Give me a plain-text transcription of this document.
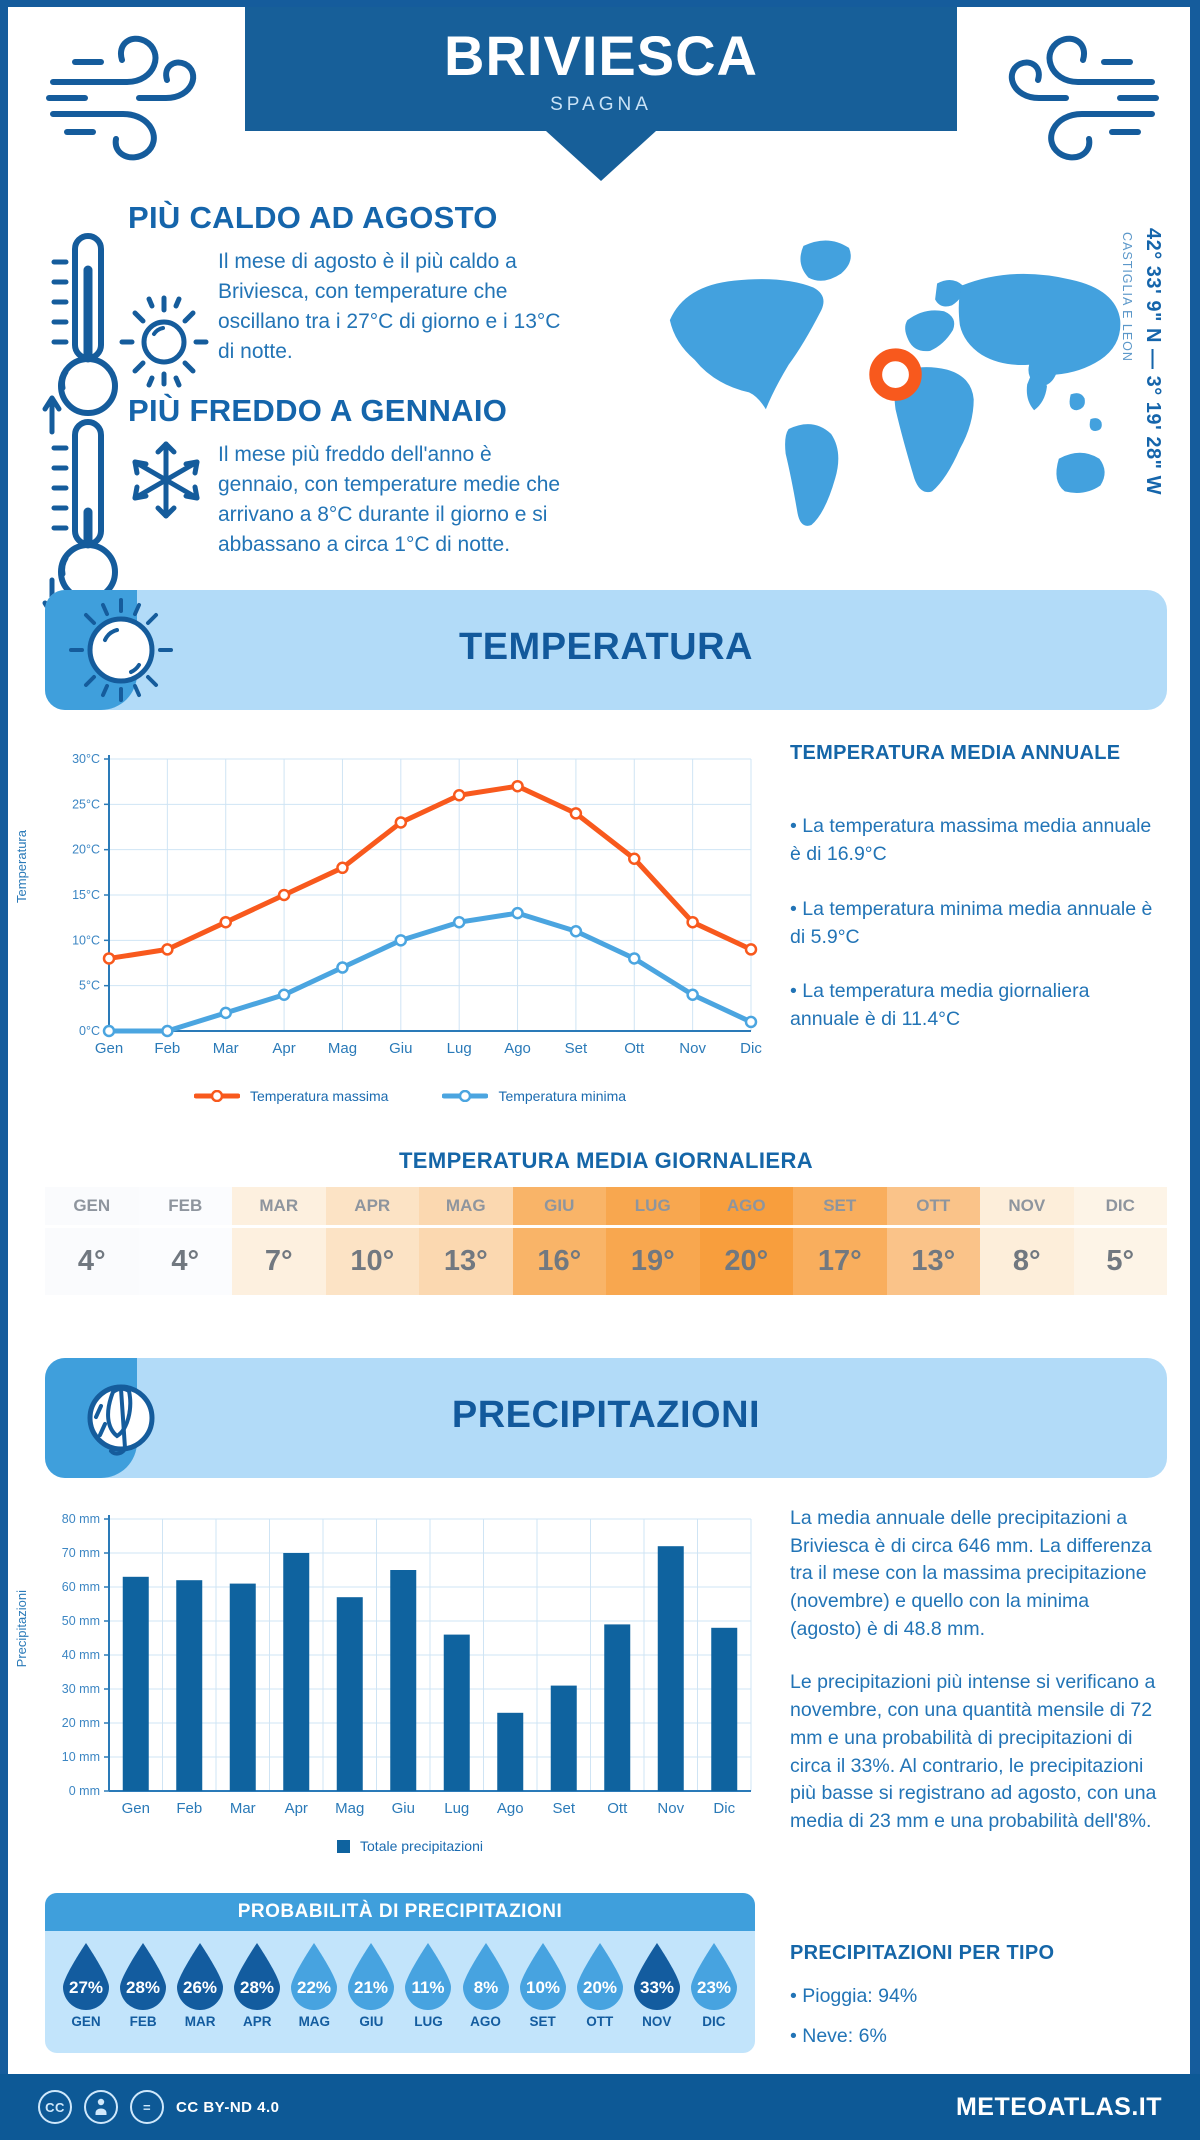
BRIVIESCA
SPAGNA
PIÙ CALDO AD AGOSTO
Il mese di agosto è il più caldo a Briviesca, con temperature che oscillano tra i 27°C di giorno e i 13°C di notte.
PIÙ FREDDO A GENNAIO
Il mese più freddo dell'anno è gennaio, con temperature medie che arrivano a 8°C durante il giorno e si abbassano a circa 1°C di notte.
42° 33' 9" N — 3° 19' 28" W
CASTIGLIA E LEON
TEMPERATURA
Temperatura
0°C
5°C
10°C
15°C
20°C
25°C
30°C
Gen Feb Mar Apr Mag Giu Lug Ago Set Ott Nov Dic
Temperatura massima	Temperatura minima
TEMPERATURA MEDIA ANNUALE
• La temperatura massima media annuale è di 16.9°C
• La temperatura minima media annuale è di 5.9°C
• La temperatura media giornaliera annuale è di 11.4°C
TEMPERATURA MEDIA GIORNALIERA
GEN
4°
FEB
4°
MAR
7°
APR
10°
MAG
13°
GIU
16°
LUG
19°
AGO
20°
SET
17°
OTT
13°
NOV
8°
DIC
5°
PRECIPITAZIONI
Precipitazioni
0 mm
10 mm
20 mm
30 mm
40 mm
50 mm
60 mm
70 mm
80 mm
Gen Feb Mar Apr Mag Giu Lug Ago Set Ott Nov Dic
Totale precipitazioni

La media annuale delle precipitazioni a Briviesca è di circa 646 mm. La differenza tra il mese con la massima precipitazione (novembre) e quello con la minima (agosto) è di 48.8 mm.

Le precipitazioni più intense si verificano a novembre, con una quantità mensile di 72 mm e una probabilità di precipitazioni di circa il 33%. Al contrario, le precipitazioni più basse si registrano ad agosto, con una media di 23 mm e una probabilità dell'8%.

PROBABILITÀ DI PRECIPITAZIONI
27%
GEN
28%
FEB
26%
MAR
28%
APR
22%
MAG
21%
GIU
11%
LUG
8%
AGO
10%
SET
20%
OTT
33%
NOV
23%
DIC
PRECIPITAZIONI PER TIPO
• Pioggia: 94%
• Neve: 6%
CC	=	CC BY-ND 4.0	METEOATLAS.IT
